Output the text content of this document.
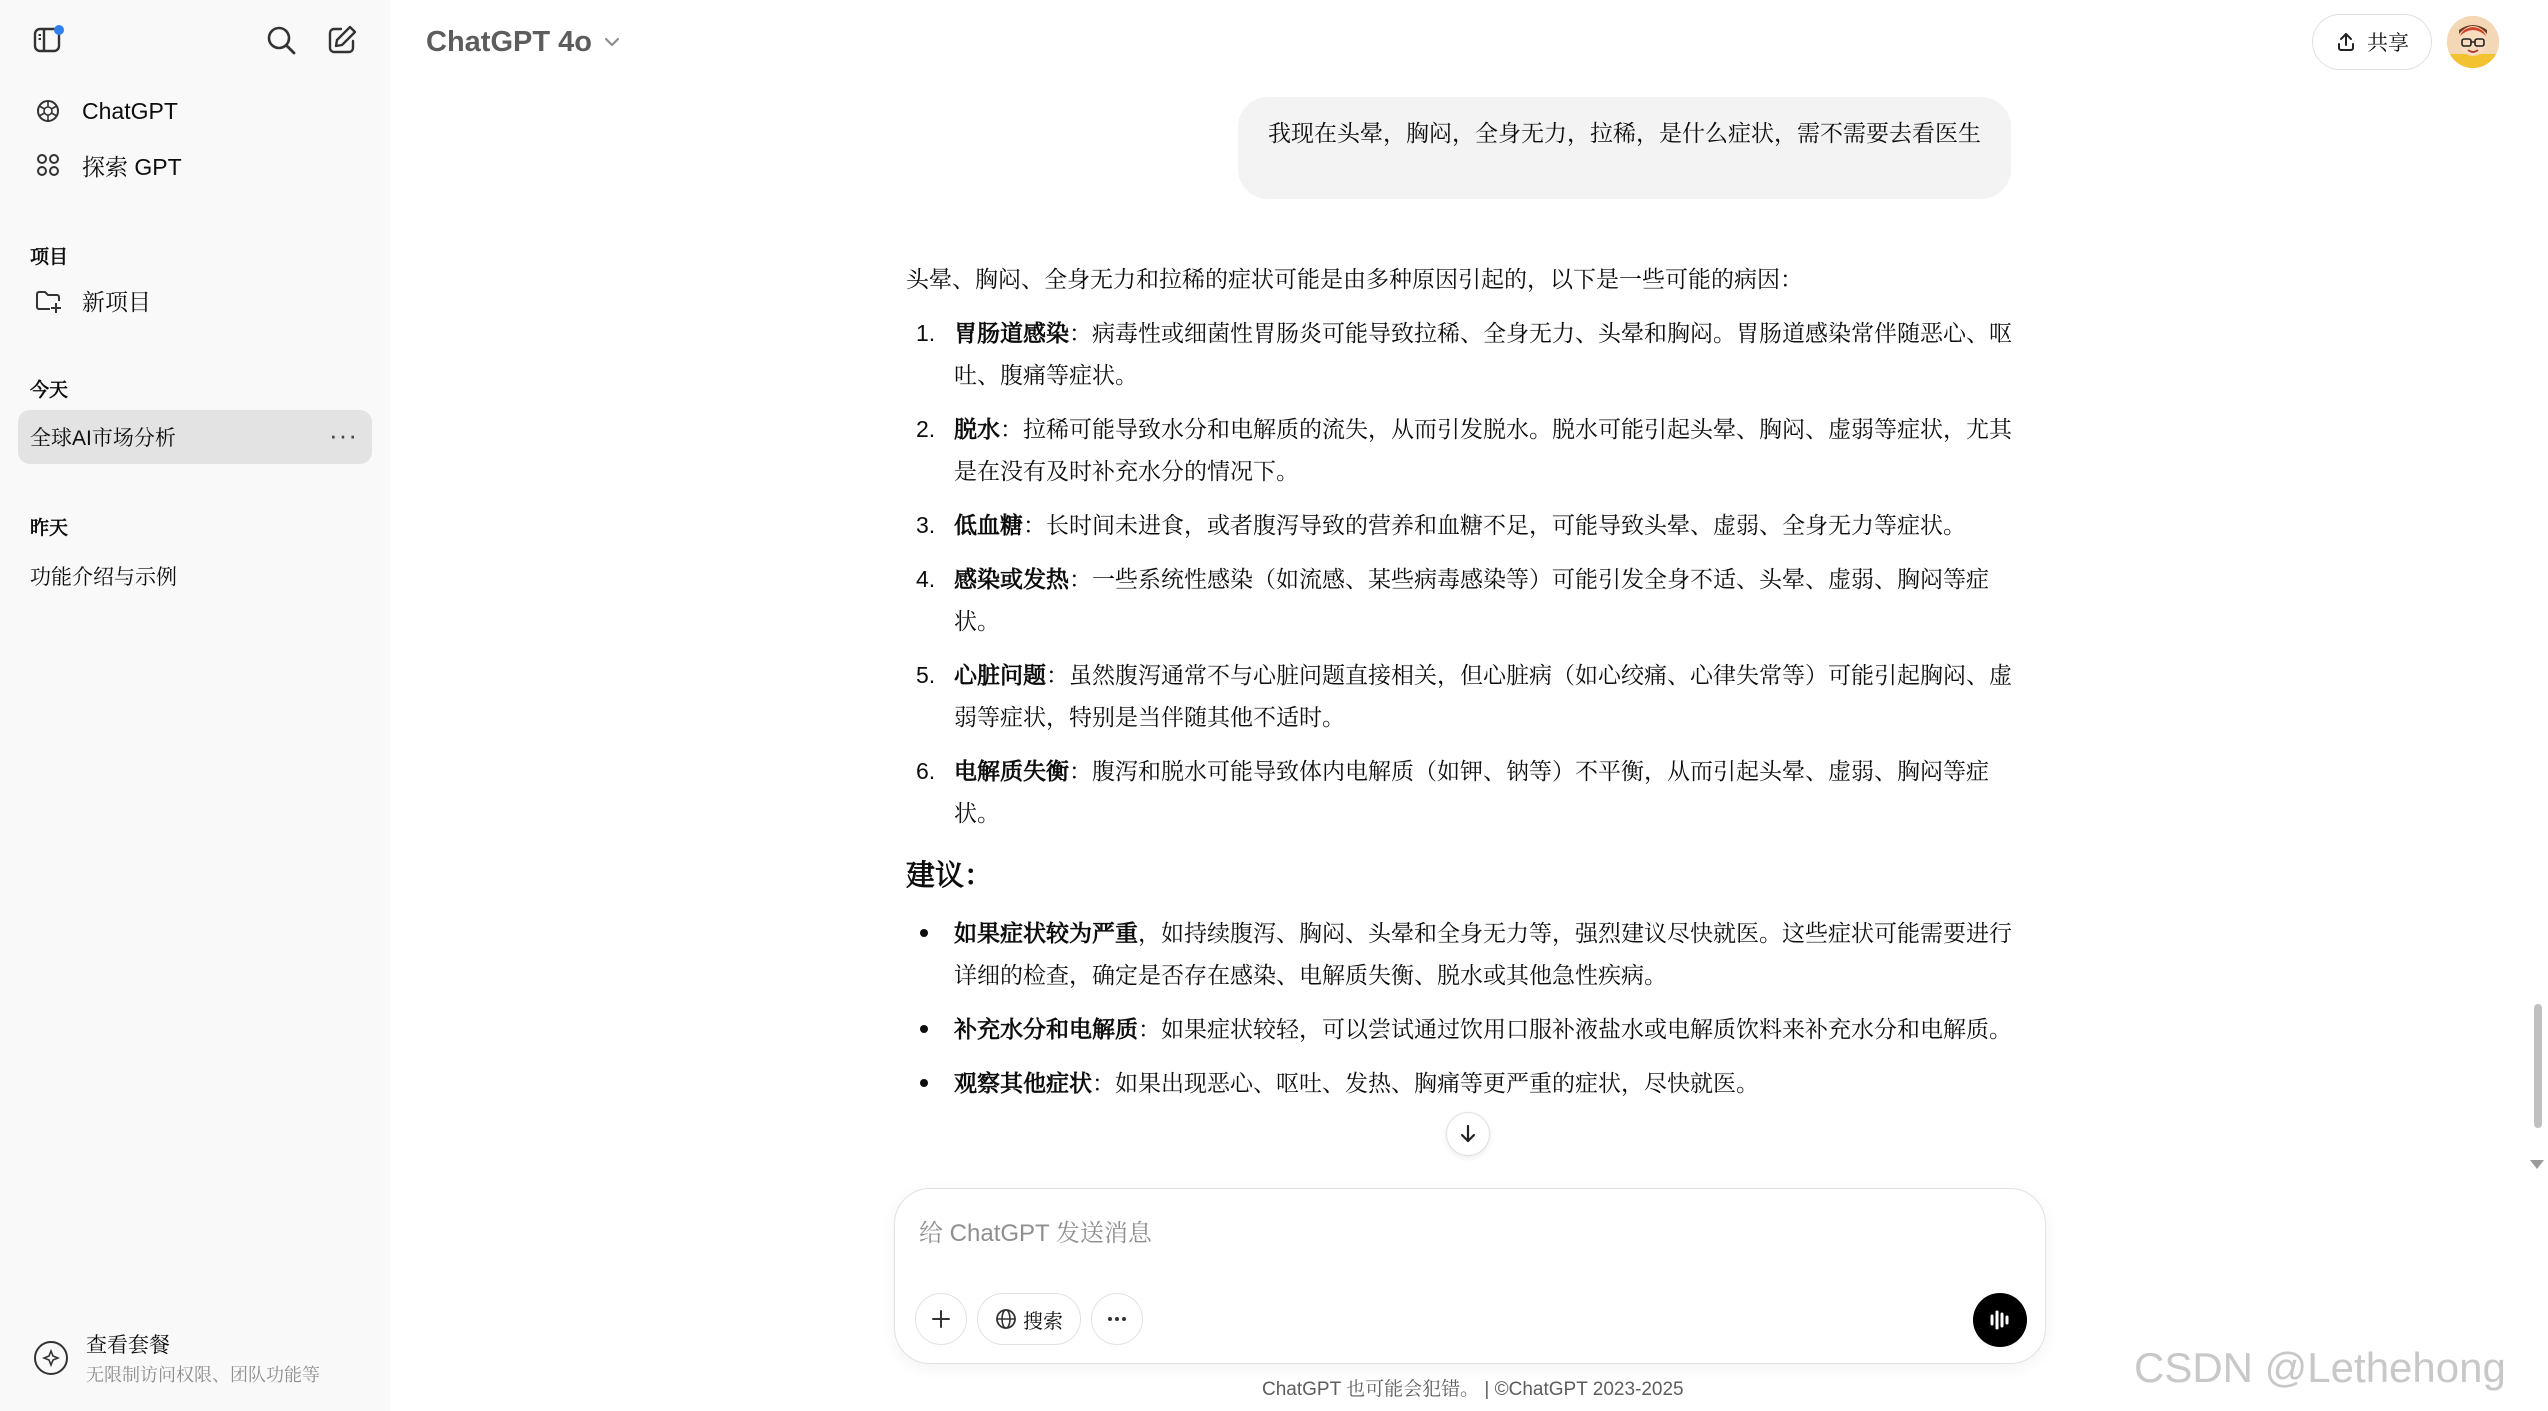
ChatGPT
探索 GPT
项目
新项目
今天
全球AI市场分析	···
昨天
功能介绍与示例
查看套餐
无限制访问权限、团队功能等
ChatGPT 4o	共享
我现在头晕，胸闷，全身无力，拉稀，是什么症状，需不需要去看医生

头晕、胸闷、全身无力和拉稀的症状可能是由多种原因引起的，以下是一些可能的病因：

1. 胃肠道感染：病毒性或细菌性胃肠炎可能导致拉稀、全身无力、头晕和胸闷。胃肠道感染常伴随恶心、呕吐、腹痛等症状。
2. 脱水：拉稀可能导致水分和电解质的流失，从而引发脱水。脱水可能引起头晕、胸闷、虚弱等症状，尤其是在没有及时补充水分的情况下。
3. 低血糖：长时间未进食，或者腹泻导致的营养和血糖不足，可能导致头晕、虚弱、全身无力等症状。
4. 感染或发热：一些系统性感染（如流感、某些病毒感染等）可能引发全身不适、头晕、虚弱、胸闷等症状。
5. 心脏问题：虽然腹泻通常不与心脏问题直接相关，但心脏病（如心绞痛、心律失常等）可能引起胸闷、虚弱等症状，特别是当伴随其他不适时。
6. 电解质失衡：腹泻和脱水可能导致体内电解质（如钾、钠等）不平衡，从而引起头晕、虚弱、胸闷等症状。
建议：
如果症状较为严重，如持续腹泻、胸闷、头晕和全身无力等，强烈建议尽快就医。这些症状可能需要进行详细的检查，确定是否存在感染、电解质失衡、脱水或其他急性疾病。
补充水分和电解质：如果症状较轻，可以尝试通过饮用口服补液盐水或电解质饮料来补充水分和电解质。
观察其他症状：如果出现恶心、呕吐、发热、胸痛等更严重的症状，尽快就医。
给 ChatGPT 发送消息
搜索
ChatGPT 也可能会犯错。 | ©ChatGPT 2023-2025	CSDN @Lethehong
